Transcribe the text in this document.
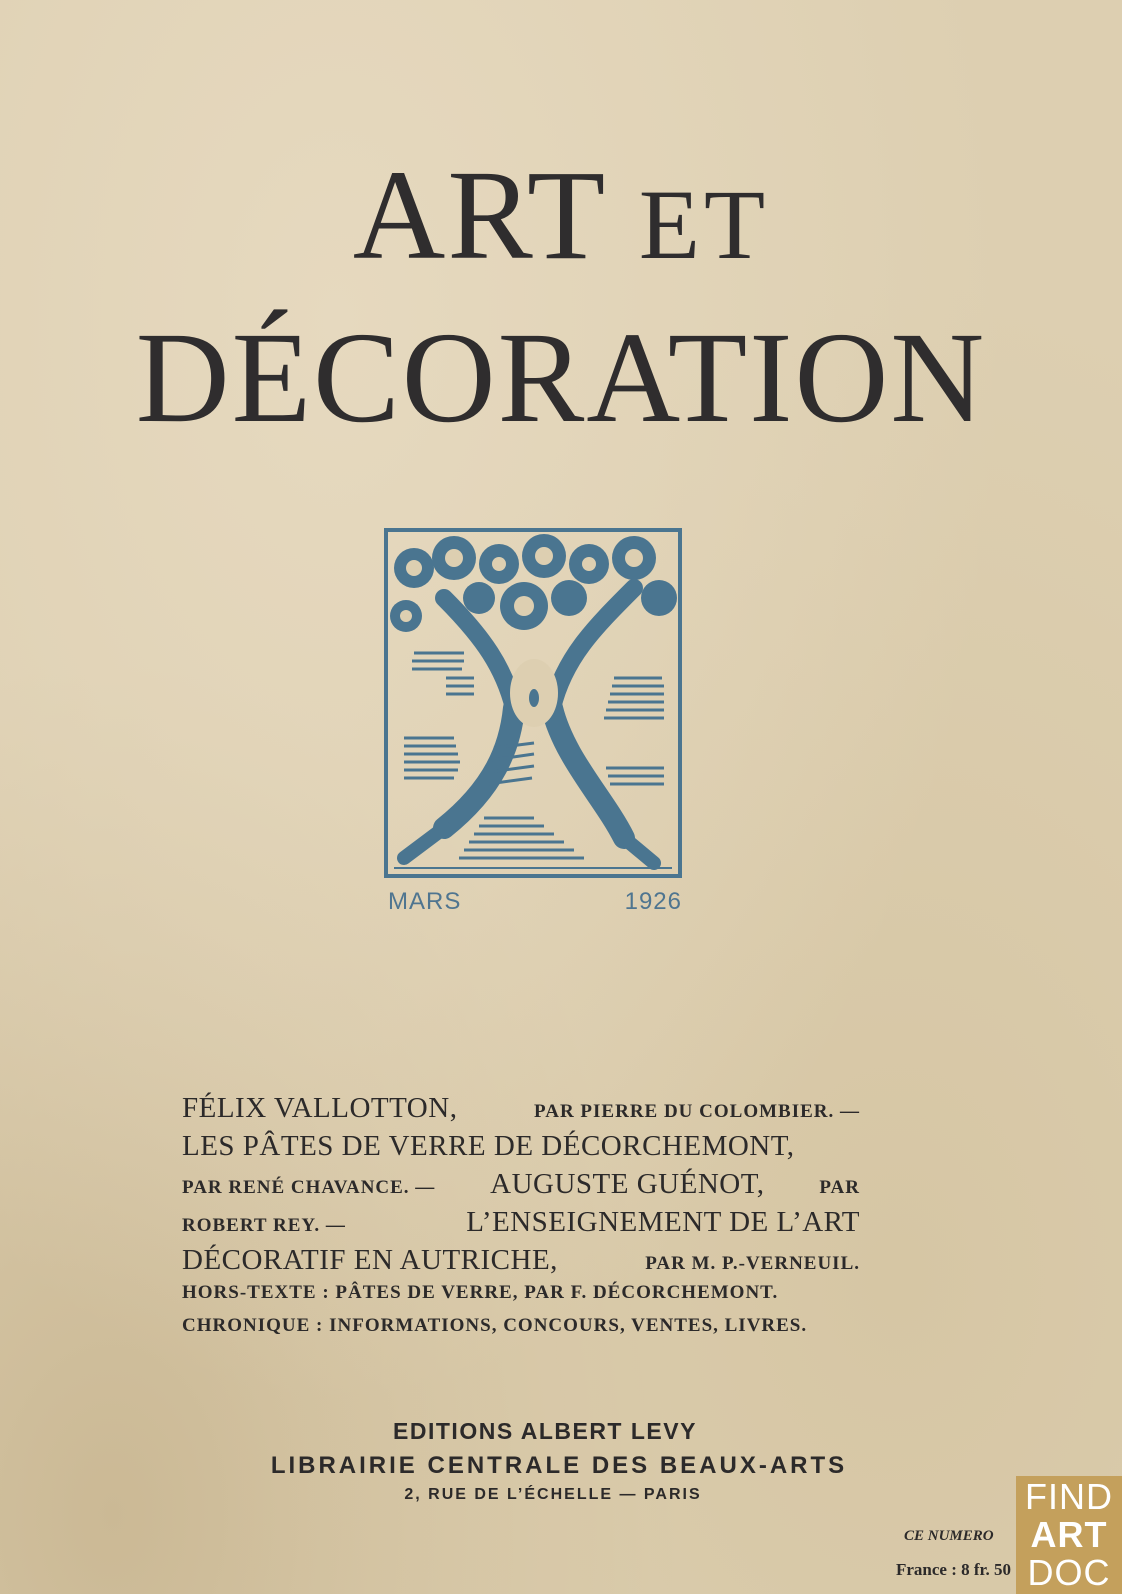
ART ET
DÉCORATION
MARS	1926
FÉLIX VALLOTTON,	PAR PIERRE DU COLOMBIER. —
LES PÂTES DE VERRE DE DÉCORCHEMONT,
PAR RENÉ CHAVANCE. — AUGUSTE GUÉNOT,	PAR
ROBERT REY. —	L’ENSEIGNEMENT DE L’ART
DÉCORATIF EN AUTRICHE,	PAR M. P.-VERNEUIL.
HORS-TEXTE : PÂTES DE VERRE, PAR F. DÉCORCHEMONT.
CHRONIQUE : INFORMATIONS, CONCOURS, VENTES, LIVRES.
EDITIONS ALBERT LEVY
LIBRAIRIE CENTRALE DES BEAUX-ARTS
2, RUE DE L’ÉCHELLE — PARIS
CE NUMERO
France : 8 fr. 50
FIND
ART
DOC
